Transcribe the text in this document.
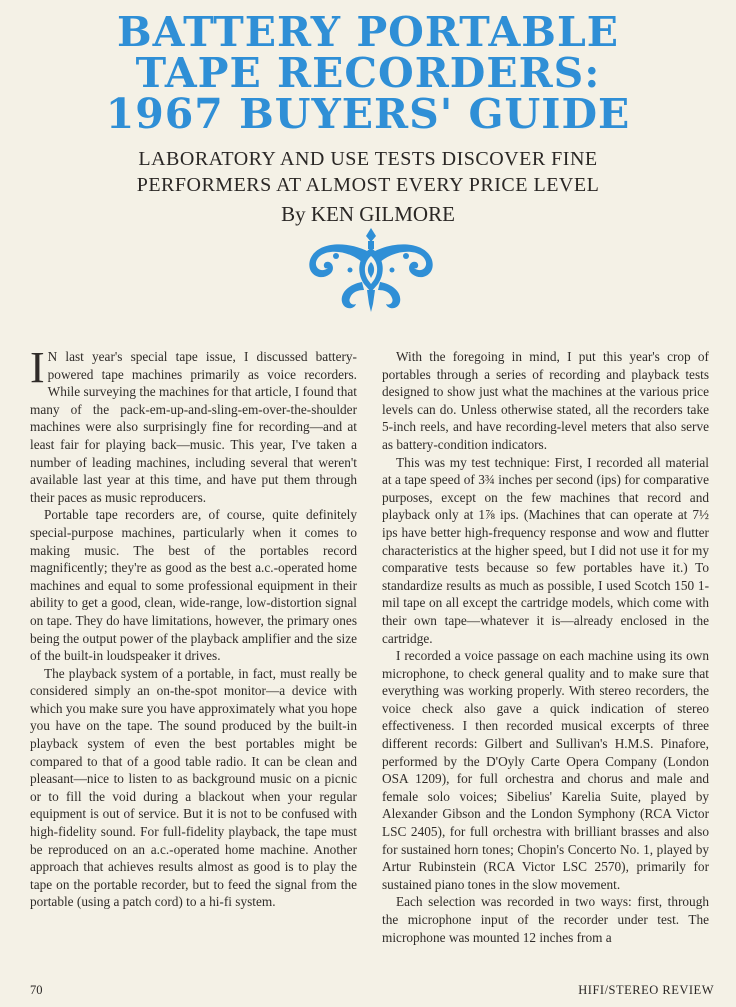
BATTERY PORTABLE
TAPE RECORDERS:
1967 BUYERS' GUIDE
LABORATORY AND USE TESTS DISCOVER FINE
PERFORMERS AT ALMOST EVERY PRICE LEVEL
By KEN GILMORE

I N last year's special tape issue, I discussed battery-powered tape machines primarily as voice recorders. While surveying the machines for that article, I found that many of the pack-em-up-and-sling-em-over-the-shoulder machines were also surprisingly fine for recording—and at least fair for playing back—music. This year, I've taken a number of leading machines, including several that weren't available last year at this time, and have put them through their paces as music reproducers.

Portable tape recorders are, of course, quite definitely special-purpose machines, particularly when it comes to making music. The best of the portables record magnificently; they're as good as the best a.c.-operated home machines and equal to some professional equipment in their ability to get a good, clean, wide-range, low-distortion signal on tape. They do have limitations, however, the primary ones being the output power of the playback amplifier and the size of the built-in loudspeaker it drives.

The playback system of a portable, in fact, must really be considered simply an on-the-spot monitor—a device with which you make sure you have approximately what you hope you have on the tape. The sound produced by the built-in playback system of even the best portables might be compared to that of a good table radio. It can be clean and pleasant—nice to listen to as background music on a picnic or to fill the void during a blackout when your regular equipment is out of service. But it is not to be confused with high-fidelity sound. For full-fidelity playback, the tape must be reproduced on an a.c.-operated home machine. Another approach that achieves results almost as good is to play the tape on the portable recorder, but to feed the signal from the portable (using a patch cord) to a hi-fi system.

With the foregoing in mind, I put this year's crop of portables through a series of recording and playback tests designed to show just what the machines at the various price levels can do. Unless otherwise stated, all the recorders take 5-inch reels, and have recording-level meters that also serve as battery-condition indicators.

This was my test technique: First, I recorded all material at a tape speed of 3¾ inches per second (ips) for comparative purposes, except on the few machines that record and playback only at 1⅞ ips. (Machines that can operate at 7½ ips have better high-frequency response and wow and flutter characteristics at the higher speed, but I did not use it for my comparative tests because so few portables have it.) To standardize results as much as possible, I used Scotch 150 1-mil tape on all except the cartridge models, which come with their own tape—whatever it is—already enclosed in the cartridge.

I recorded a voice passage on each machine using its own microphone, to check general quality and to make sure that everything was working properly. With stereo recorders, the voice check also gave a quick indication of stereo effectiveness. I then recorded musical excerpts of three different records: Gilbert and Sullivan's H.M.S. Pinafore, performed by the D'Oyly Carte Opera Company (London OSA 1209), for full orchestra and chorus and male and female solo voices; Sibelius' Karelia Suite, played by Alexander Gibson and the London Symphony (RCA Victor LSC 2405), for full orchestra with brilliant brasses and also for sustained horn tones; Chopin's Concerto No. 1, played by Artur Rubinstein (RCA Victor LSC 2570), primarily for sustained piano tones in the slow movement.

Each selection was recorded in two ways: first, through the microphone input of the recorder under test. The microphone was mounted 12 inches from a

70	HIFI/STEREO REVIEW
